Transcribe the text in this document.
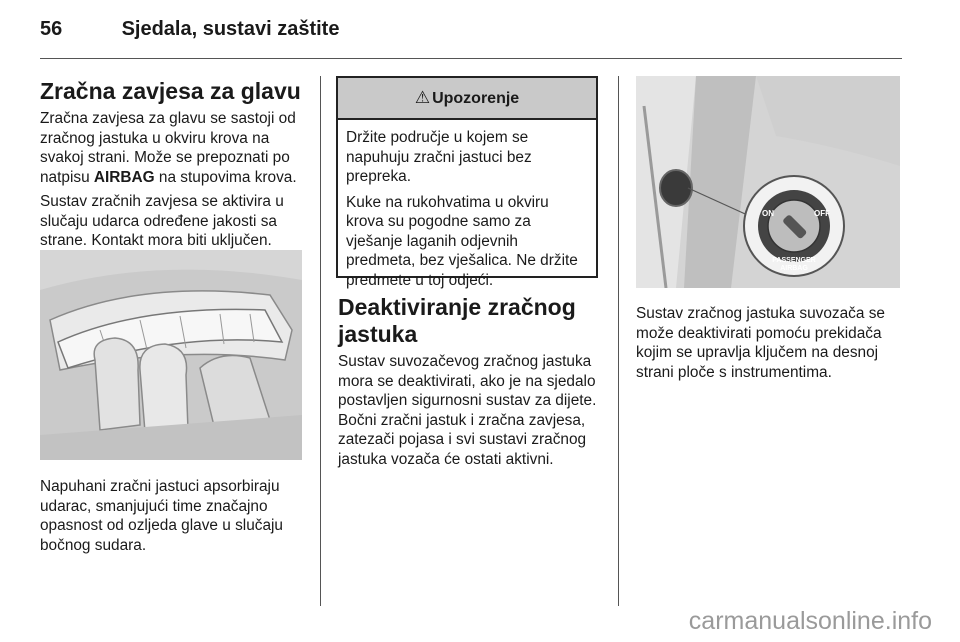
56	Sjedala, sustavi zaštite
Zračna zavjesa za glavu

Zračna zavjesa za glavu se sastoji od zračnog jastuka u okviru krova na svakoj strani. Može se prepoznati po natpisu AIRBAG na stupovima krova.

Sustav zračnih zavjesa se aktivira u slučaju udarca određene jakosti sa strane. Kontakt mora biti uključen.

Napuhani zračni jastuci apsorbiraju udarac, smanjujući time značajno opasnost od ozljeda glave u slučaju bočnog sudara.

⚠ Upozorenje

Držite područje u kojem se napuhuju zračni jastuci bez prepreka.

Kuke na rukohvatima u okviru krova su pogodne samo za vješanje laganih odjevnih predmeta, bez vješalica. Ne držite predmete u toj odjeći.

Deaktiviranje zračnog jastuka

Sustav suvozačevog zračnog jastuka mora se deaktivirati, ako je na sjedalo postavljen sigurnosni sustav za dijete. Bočni zračni jastuk i zračna zavjesa, zatezači pojasa i svi sustavi zračnog jastuka vozača će ostati aktivni.

ON	OFF
PASSENGER
AIRBAG

Sustav zračnog jastuka suvozača se može deaktivirati pomoću prekidača kojim se upravlja ključem na desnoj strani ploče s instrumentima.

carmanualsonline.info
